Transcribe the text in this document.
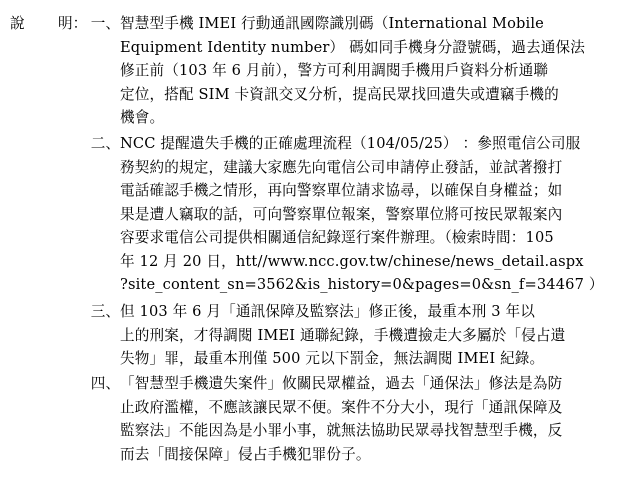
說 明： 一、 智慧型手機 IMEI 行動通訊國際識別碼（International Mobile
Equipment Identity number） 碼如同手機身分證號碼，過去通保法
修正前（103 年 6 月前），警方可利用調閱手機用戶資料分析通聯
定位，搭配 SIM 卡資訊交叉分析，提高民眾找回遺失或遭竊手機的
機會。
二、 NCC 提醒遺失手機的正確處理流程（104/05/25） ：參照電信公司服
務契約的規定，建議大家應先向電信公司申請停止發話，並試著撥打
電話確認手機之情形，再向警察單位請求協尋，以確保自身權益；如
果是遭人竊取的話，可向警察單位報案，警察單位將可按民眾報案內
容要求電信公司提供相關通信紀錄逕行案件辦理。（檢索時間：105
年 12 月 20 日，htt//www.ncc.gov.tw/chinese/news_detail.aspx
?site_content_sn=3562&is_history=0&pages=0&sn_f=34467 ）
三、 但 103 年 6 月「通訊保障及監察法」修正後，最重本刑 3 年以
上的刑案，才得調閱 IMEI 通聯紀錄，手機遭撿走大多屬於「侵占遺
失物」罪，最重本刑僅 500 元以下罰金，無法調閱 IMEI 紀錄。
四、 「智慧型手機遺失案件」攸關民眾權益，過去「通保法」修法是為防
止政府濫權，不應該讓民眾不便。案件不分大小，現行「通訊保障及
監察法」不能因為是小罪小事，就無法協助民眾尋找智慧型手機，反
而去「間接保障」侵占手機犯罪份子。
